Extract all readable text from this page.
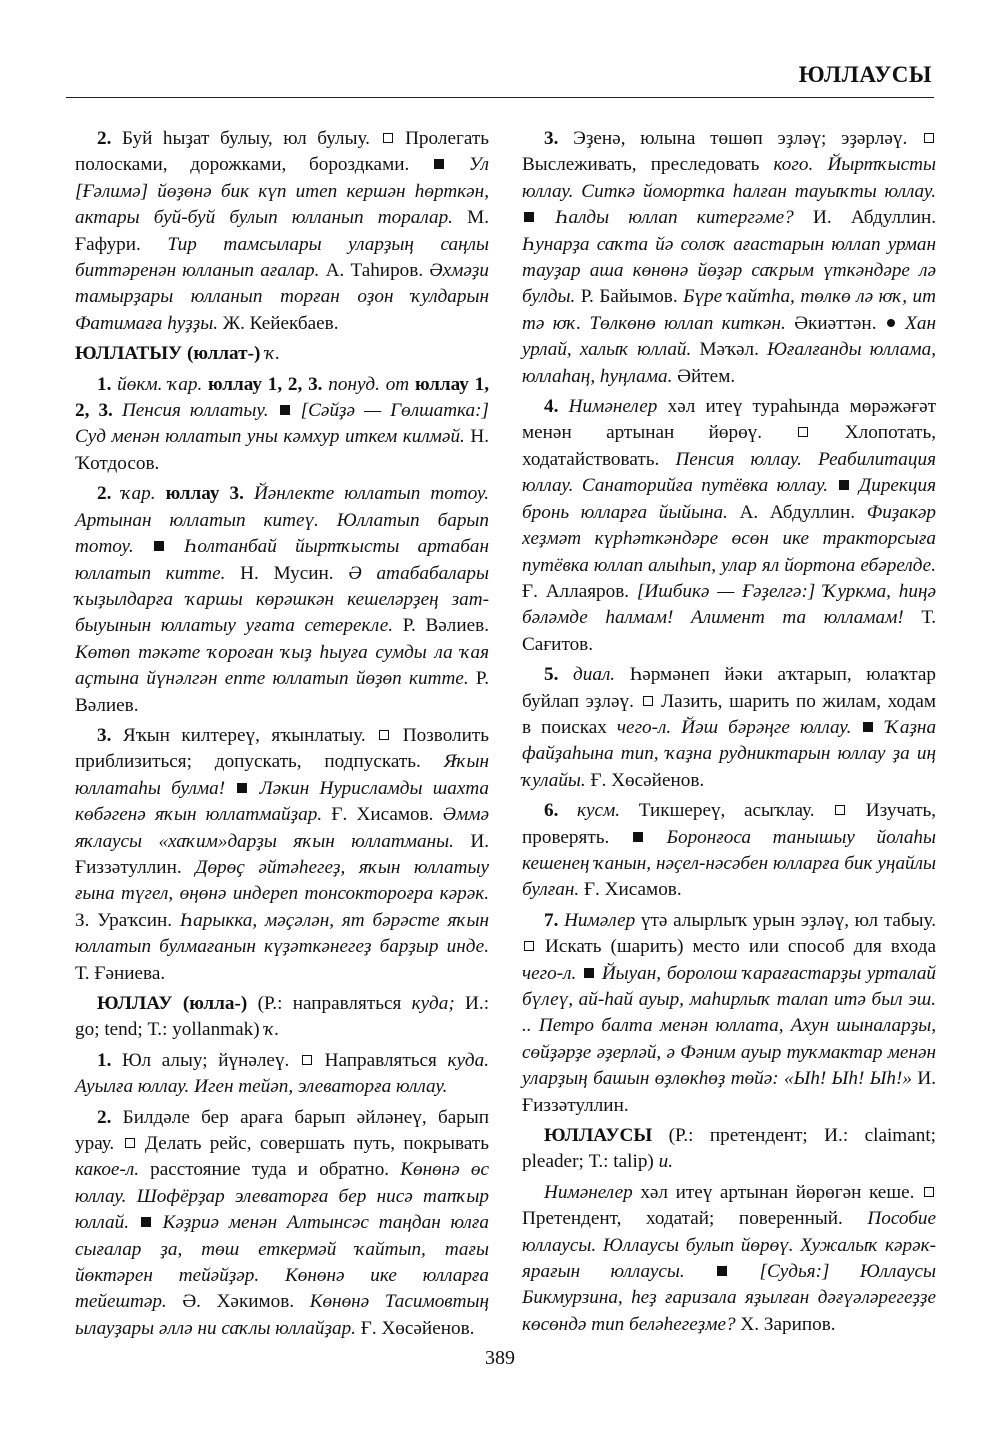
ЮЛЛАУСЫ

2. Буй һыҙат булыу, юл булыу. Пролегать полосками, дорожками, бороздками.	Ул [Ғәлимә] йөҙөнә бик күп итеп кершән һөрткән, актары буй-буй булып юлланып торалар. М. Ғафури. Тир тамсылары уларҙың саңлы биттәренән юлланып ағалар. А. Таһиров. Әхмәҙи тамырҙары юлланып торған оҙон ҡулдарын Фатимаға һуҙҙы. Ж. Кейекбаев.

ЮЛЛАТЫУ (юллат-) ҡ.

1. йөкм. ҡар. юллау 1, 2, 3. понуд. от юллау 1, 2, 3. Пенсия юллатыу. [Сәйҙә — Гөлшатка:] Суд менән юллатып уны кәмхур иткем килмәй. Н. Ҡотдосов.

2. ҡар. юллау 3. Йәнлекте юллатып тотоу. Артынан юллатып китеү. Юллатып барып тотоу.	Һолтанбай йыртҡысты артабан юллатып китте. Н. Мусин. Ә атабабалары ҡыҙылдарға ҡаршы көрәшкән кешеләрҙең зат-быуынын юллатыу уғата сетерекле. Р. Вәлиев. Көтөп тәкәте ҡороған ҡыҙ һыуға сумды ла ҡая аҫтына йүнәлгән ептe юллатып йөҙөп китте. Р. Вәлиев.

3. Яҡын килтереү, яҡынлатыу. Позволить приблизиться; допускать, подпускать. Яҡын юллатаһы булма! Ләкин Нурисламды шахта көбәгенә яҡын юллатмайҙар. Ғ. Хисамов. Әммә яҡлаусы «хаҡим»дарҙы яҡын юллатманы. И. Ғиззәтуллин. Дөрөҫ әйтәһегеҙ, яҡын юллатыу ғына түгел, өңөнә индереп тонсоктороғра кәрәк. З. Ураҡсин. Һарыкка, мәҫәлән, ят бәрәсте яҡын юллатып булмағанын күҙәткәнегеҙ барҙыр инде. Т. Ғәниева.

ЮЛЛАУ (юлла-) (Р.: направляться куда; И.: go; tend; Т.: yollanmak) ҡ.

1. Юл алыу; йүнәлеү. Направляться куда. Ауылға юллау. Иген тейәп, элеваторға юллау.

2. Билдәле бер араға барып әйләнеү, барып урау. Делать рейс, совершать путь, покрывать какое-л. расстояние туда и обратно. Көнөнә өс юллау. Шофёрҙар элеваторға бер нисә тапҡыр юллай. Кәҙриә менән Алтынсәс таңдан юлға сығалар ҙа, төш еткермәй ҡайтып, тағы йөктәрен тейәйҙәр. Көнөнә ике юлларға тейештәр. Ә. Хәкимов. Көнөнә Тасимовтың ылауҙары әллә ни саҡлы юллайҙар. Ғ. Хөсәйенов.

3. Эҙенә, юлына төшөп эҙләү; эҙәрләү.  Выслеживать, преследовать кого. Йыртҡысты юллау. Ситкә йоморткa һалған тауыҡты юллау.  Һалды юллап китергәме? И. Абдуллин. Һунарҙа саҡта йә солоҡ ағастарын юллап урман тауҙар аша көнөнә йөҙәр саҡрым үткәндәре лә булды. Р. Байымов. Бүре ҡайтһа, төлкө лә юҡ, ит тә юҡ. Төлкөнө юллап киткән. Әкиәттән. Хан урлай, халыҡ юллай. Мәҡәл. Юғалғанды юллама, юллаһаң, һуңлама. Әйтем.

4. Нимәнелер хәл итеү тураһында мөрәжәғәт менән артынан йөрөү.	Хлопотать, ходатайствовать. Пенсия юллау. Реабилитация юллау. Санаторийға путёвка юллау. Дирекция бронь юлларға йыйына. А. Абдуллин. Фиҙакәр хеҙмәт күрһәткәндәре өсөн ике тракторсыға путёвка юллап алыһып, улар ял йортона ебәрелде. Ғ. Аллаяров. [Ишбикә — Ғәҙелгә:] Ҡуркма, һиңә бәләмде һалмам! Алимент та юлламам! Т. Сағитов.

5. диал. Һәрмәнеп йәки аҡтарып, юлаҡтар буйлап эҙләү. Лазить, шарить по жилам, ходам в поисках чего-л. Йәш бәрәңге юллау. Ҡаҙна файҙаһына тип, ҡаҙна рудниктарын юллау ҙа иң ҡулайы. Ғ. Хөсәйенов.

6. кусм. Тикшереү, асыҡлау.	Изучать, проверять.	Боронғоса танышыу йолаһы кешенең ҡанын, нәҫел-нәсәбен юлларға бик уңайлы булған. Ғ. Хисамов.

7. Нимәлер үтә алырлыҡ урын эҙләү, юл табыу.  Искать (шарить) место или способ для входа чего-л. Йыуан, боролош ҡарағастарҙы урталай бүлеү, ай-һай ауыр, маһирлыҡ талап итә был эш. .. Петро балта менән юллата, Ахун шыналарҙы, сөйҙәрҙе әҙерләй, ә Фәним ауыр туҡмактар менән уларҙың башын өҙлөкһөҙ төйә: «Ыһ! Ыһ! Ыһ!» И. Ғиззәтуллин.

ЮЛЛАУСЫ (Р.: претендент; И.: claimant; pleader; Т.: talip) и.

Нимәнелер хәл итеү артынан йөрөгән кеше.  Претендент, ходатай; поверенный. Пособие юллаусы. Юллаусы булып йөрөү. Хужалыҡ кәрәк-ярағын юллаусы.	[Судья:] Юллаусы Бикмурзина, һеҙ ғаризала яҙылған дәғүәләрегеҙҙе көсөндә тип беләһегеҙме? Х. Зарипов.

389
